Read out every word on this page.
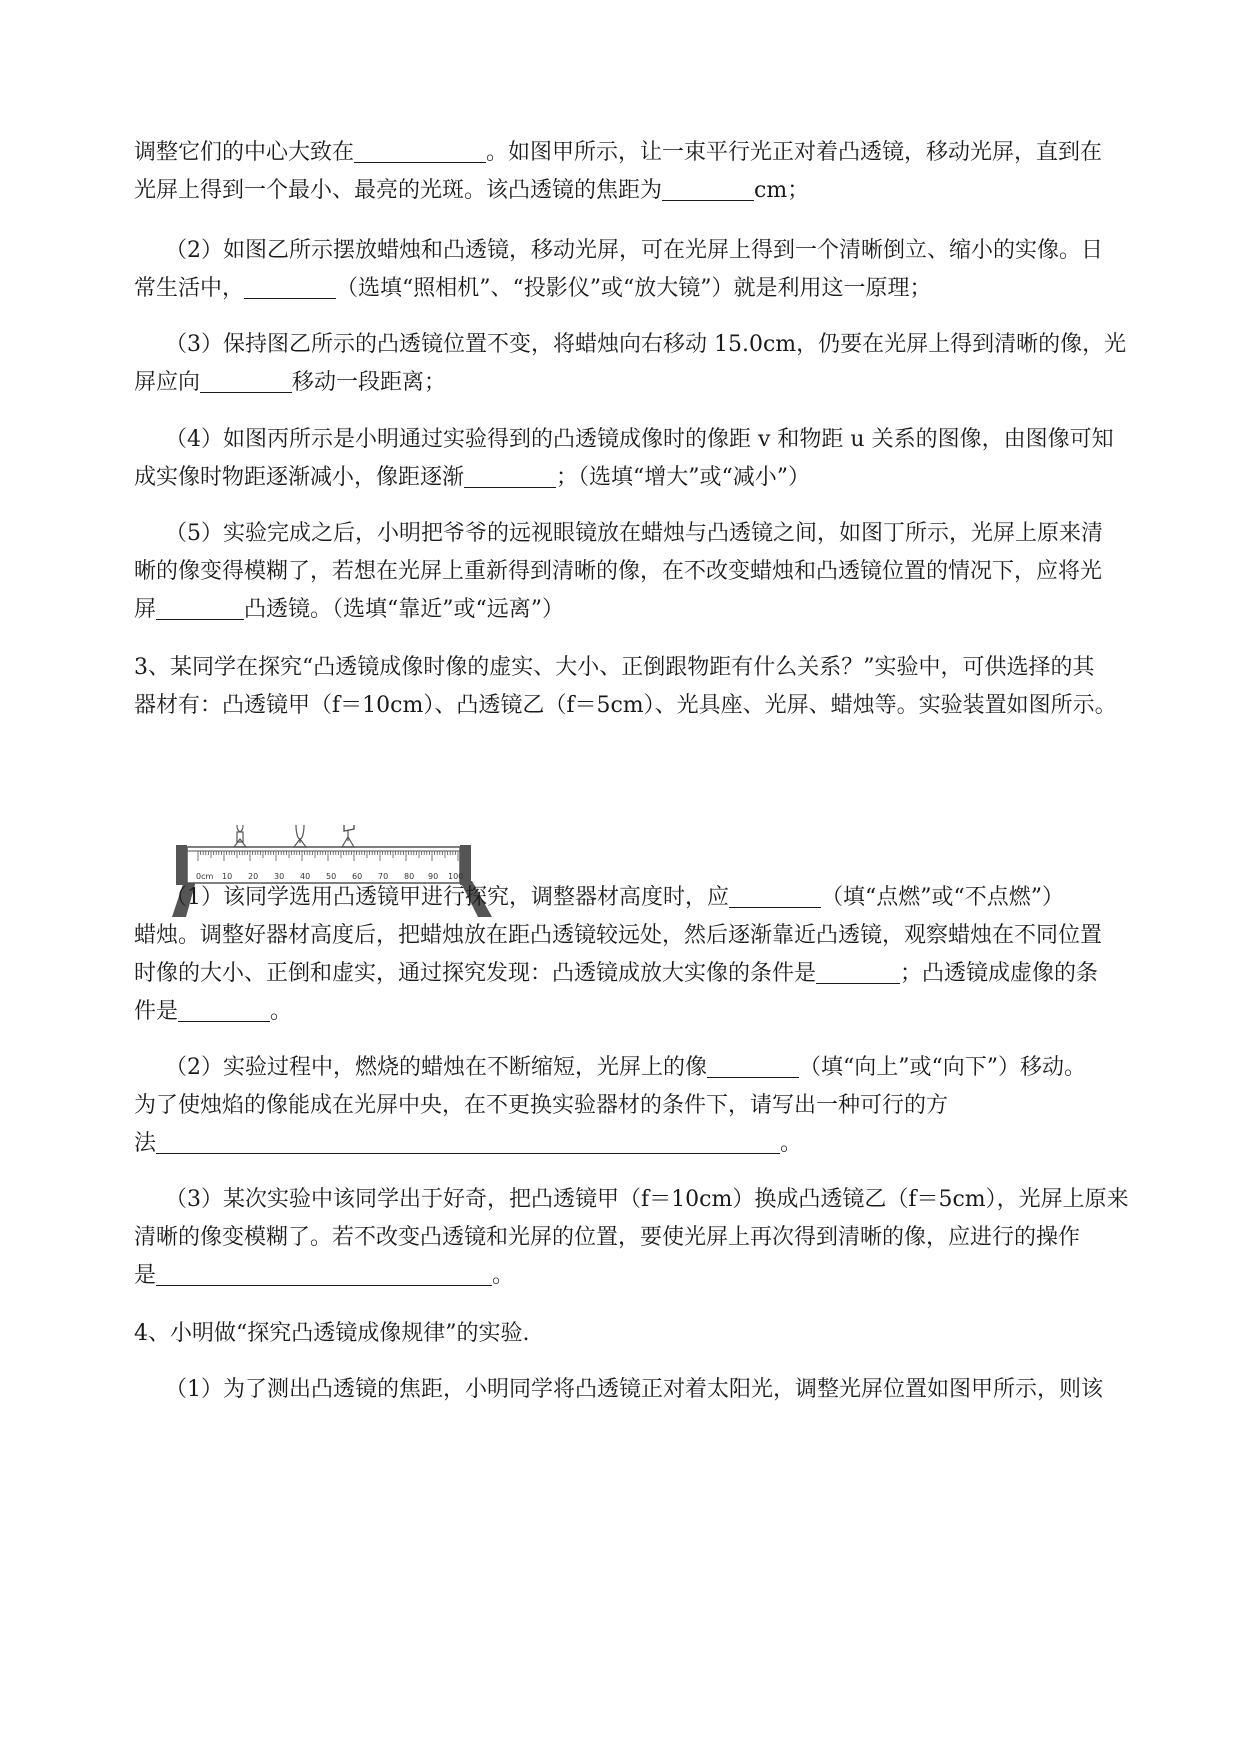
调整它们的中心大致在	。如图甲所示，让一束平行光正对着凸透镜，移动光屏，直到在
光屏上得到一个最小、最亮的光斑。该凸透镜的焦距为	cm；
（2）如图乙所示摆放蜡烛和凸透镜，移动光屏，可在光屏上得到一个清晰倒立、缩小的实像。日
常生活中，	（选填“照相机”、“投影仪”或“放大镜”）就是利用这一原理；
（3）保持图乙所示的凸透镜位置不变，将蜡烛向右移动 15.0cm，仍要在光屏上得到清晰的像，光
屏应向	移动一段距离；
（4）如图丙所示是小明通过实验得到的凸透镜成像时的像距 v 和物距 u 关系的图像，由图像可知
成实像时物距逐渐减小，像距逐渐	；（选填“增大”或“减小”）
（5）实验完成之后，小明把爷爷的远视眼镜放在蜡烛与凸透镜之间，如图丁所示，光屏上原来清
晰的像变得模糊了，若想在光屏上重新得到清晰的像，在不改变蜡烛和凸透镜位置的情况下，应将光
屏	凸透镜。（选填“靠近”或“远离”）
3、某同学在探究“凸透镜成像时像的虚实、大小、正倒跟物距有什么关系？”实验中，可供选择的其
器材有：凸透镜甲（f＝10cm）、凸透镜乙（f＝5cm）、光具座、光屏、蜡烛等。实验装置如图所示。
0cm 10 20 30 40 50 60 70 80 90 100
（1）该同学选用凸透镜甲进行探究，调整器材高度时，应	（填“点燃”或“不点燃”）
蜡烛。调整好器材高度后，把蜡烛放在距凸透镜较远处，然后逐渐靠近凸透镜，观察蜡烛在不同位置
时像的大小、正倒和虚实，通过探究发现：凸透镜成放大实像的条件是	；凸透镜成虚像的条
件是	。
（2）实验过程中，燃烧的蜡烛在不断缩短，光屏上的像	（填“向上”或“向下”）移动。
为了使烛焰的像能成在光屏中央，在不更换实验器材的条件下，请写出一种可行的方
法	。
（3）某次实验中该同学出于好奇，把凸透镜甲（f＝10cm）换成凸透镜乙（f＝5cm），光屏上原来
清晰的像变模糊了。若不改变凸透镜和光屏的位置，要使光屏上再次得到清晰的像，应进行的操作
是	。
4、小明做“探究凸透镜成像规律”的实验.
（1）为了测出凸透镜的焦距，小明同学将凸透镜正对着太阳光，调整光屏位置如图甲所示，则该
